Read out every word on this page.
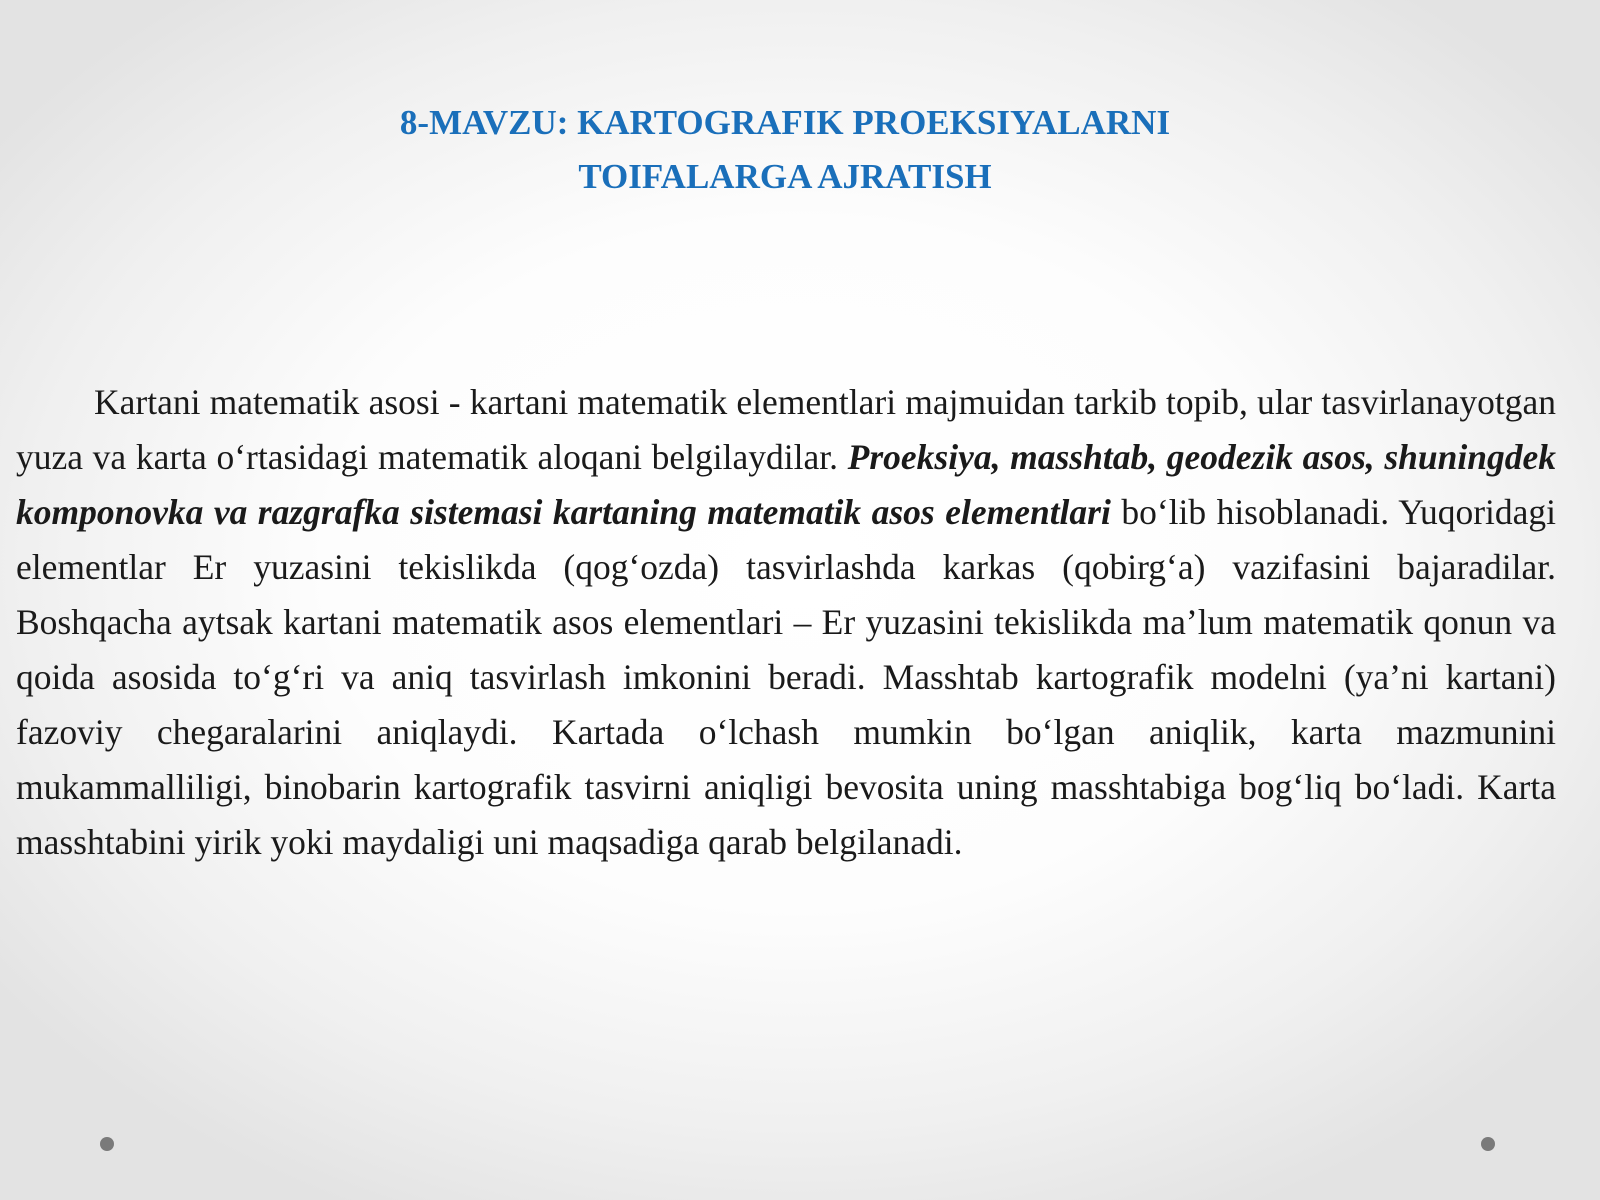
8-MAVZU: KARTOGRAFIK PROEKSIYALARNI
TOIFALARGA AJRATISH

Kartani matematik asosi - kartani matematik elementlari majmuidan tarkib topib, ular tasvirlanayotgan yuza va karta o‘rtasidagi matematik aloqani belgilaydilar. Proeksiya, masshtab, geodezik asos, shuningdek komponovka va razgrafka sistemasi kartaning matematik asos elementlari bo‘lib hisoblanadi. Yuqoridagi elementlar Er yuzasini tekislikda (qog‘ozda) tasvirlashda karkas (qobirg‘a) vazifasini bajaradilar. Boshqacha aytsak kartani matematik asos elementlari – Er yuzasini tekislikda ma’lum matematik qonun va qoida asosida to‘g‘ri va aniq tasvirlash imkonini beradi. Masshtab kartografik modelni (ya’ni kartani) fazoviy chegaralarini aniqlaydi. Kartada o‘lchash mumkin bo‘lgan aniqlik, karta mazmunini mukammalliligi, binobarin kartografik tasvirni aniqligi bevosita uning masshtabiga bog‘liq bo‘ladi. Karta masshtabini yirik yoki maydaligi uni maqsadiga qarab belgilanadi.
